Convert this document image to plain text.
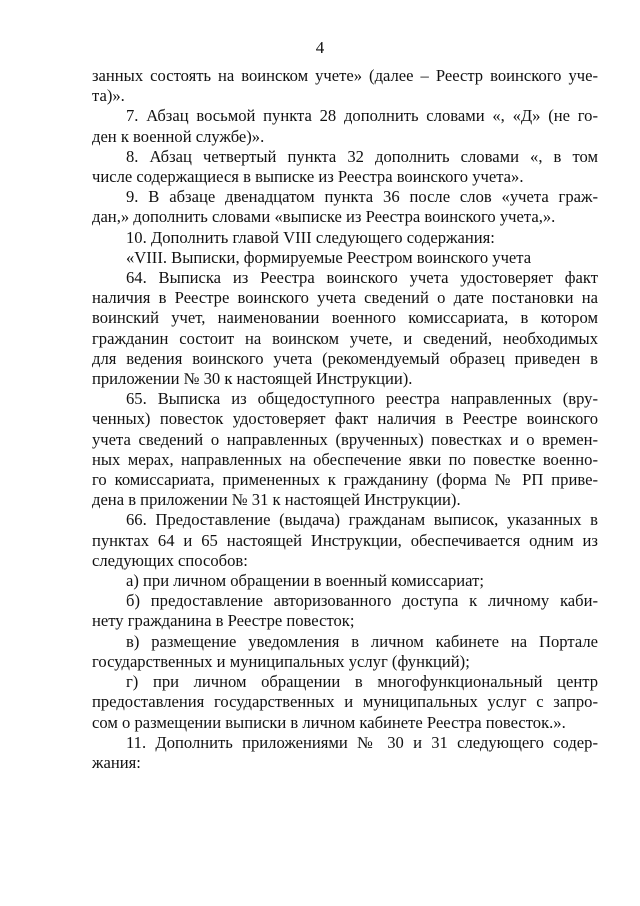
4
занных состоять на воинском учете» (далее – Реестр воинского уче-
та)».
7. Абзац восьмой пункта 28 дополнить словами «, «Д» (не го-
ден к военной службе)».
8. Абзац четвертый пункта 32 дополнить словами «, в том
числе содержащиеся в выписке из Реестра воинского учета».
9. В абзаце двенадцатом пункта 36 после слов «учета граж-
дан,» дополнить словами «выписке из Реестра воинского учета,».
10. Дополнить главой VIII следующего содержания:
«VIII. Выписки, формируемые Реестром воинского учета
64. Выписка из Реестра воинского учета удостоверяет факт
наличия в Реестре воинского учета сведений о дате постановки на
воинский учет, наименовании военного комиссариата, в котором
гражданин состоит на воинском учете, и сведений, необходимых
для ведения воинского учета (рекомендуемый образец приведен в
приложении № 30 к настоящей Инструкции).
65. Выписка из общедоступного реестра направленных (вру-
ченных) повесток удостоверяет факт наличия в Реестре воинского
учета сведений о направленных (врученных) повестках и о времен-
ных мерах, направленных на обеспечение явки по повестке военно-
го комиссариата, примененных к гражданину (форма № РП приве-
дена в приложении № 31 к настоящей Инструкции).
66. Предоставление (выдача) гражданам выписок, указанных в
пунктах 64 и 65 настоящей Инструкции, обеспечивается одним из
следующих способов:
а) при личном обращении в военный комиссариат;
б) предоставление авторизованного доступа к личному каби-
нету гражданина в Реестре повесток;
в) размещение уведомления в личном кабинете на Портале
государственных и муниципальных услуг (функций);
г) при личном обращении в многофункциональный центр
предоставления государственных и муниципальных услуг с запро-
сом о размещении выписки в личном кабинете Реестра повесток.».
11. Дополнить приложениями № 30 и 31 следующего содер-
жания:
